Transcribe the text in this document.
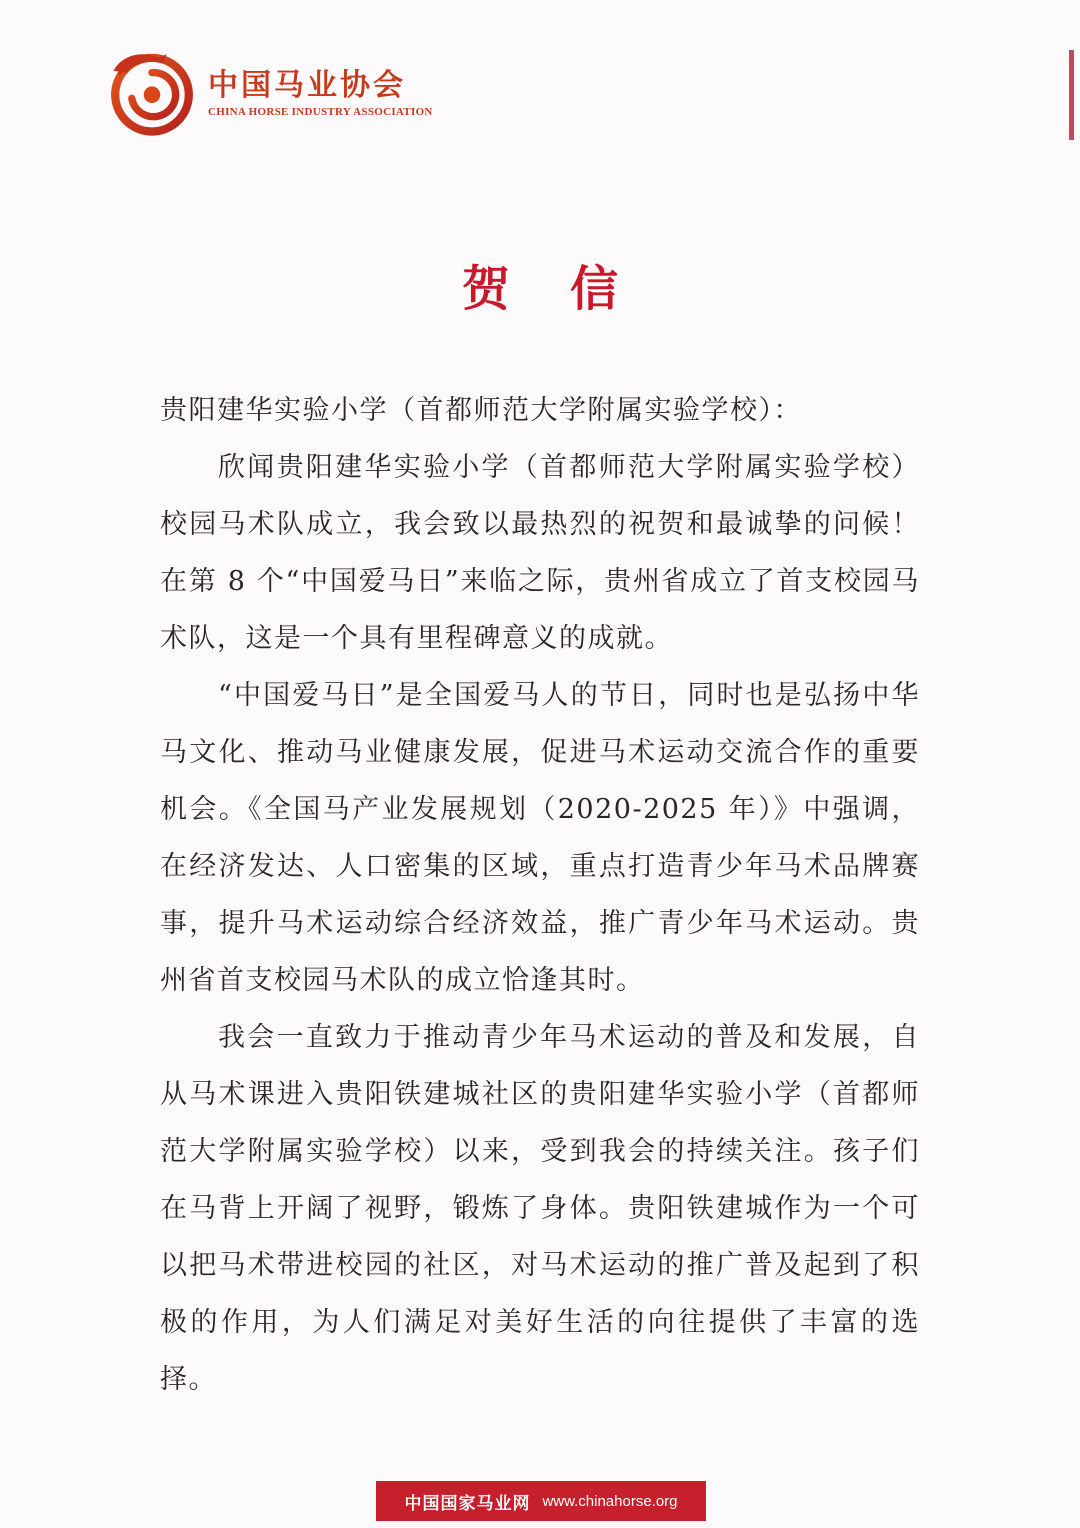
中国马业协会
CHINA HORSE INDUSTRY ASSOCIATION
贺信

贵阳建华实验小学（首都师范大学附属实验学校）：

欣闻贵阳建华实验小学（首都师范大学附属实验学校）校园马术队成立，我会致以最热烈的祝贺和最诚挚的问候！在第 8 个“中国爱马日”来临之际，贵州省成立了首支校园马术队，这是一个具有里程碑意义的成就。

“中国爱马日”是全国爱马人的节日，同时也是弘扬中华马文化、推动马业健康发展，促进马术运动交流合作的重要机会。《全国马产业发展规划（2020-2025 年）》中强调，在经济发达、人口密集的区域，重点打造青少年马术品牌赛事，提升马术运动综合经济效益，推广青少年马术运动。贵州省首支校园马术队的成立恰逢其时。

我会一直致力于推动青少年马术运动的普及和发展，自从马术课进入贵阳铁建城社区的贵阳建华实验小学（首都师范大学附属实验学校）以来，受到我会的持续关注。孩子们在马背上开阔了视野，锻炼了身体。贵阳铁建城作为一个可以把马术带进校园的社区，对马术运动的推广普及起到了积极的作用，为人们满足对美好生活的向往提供了丰富的选择。

中国国家马业网 www.chinahorse.org
